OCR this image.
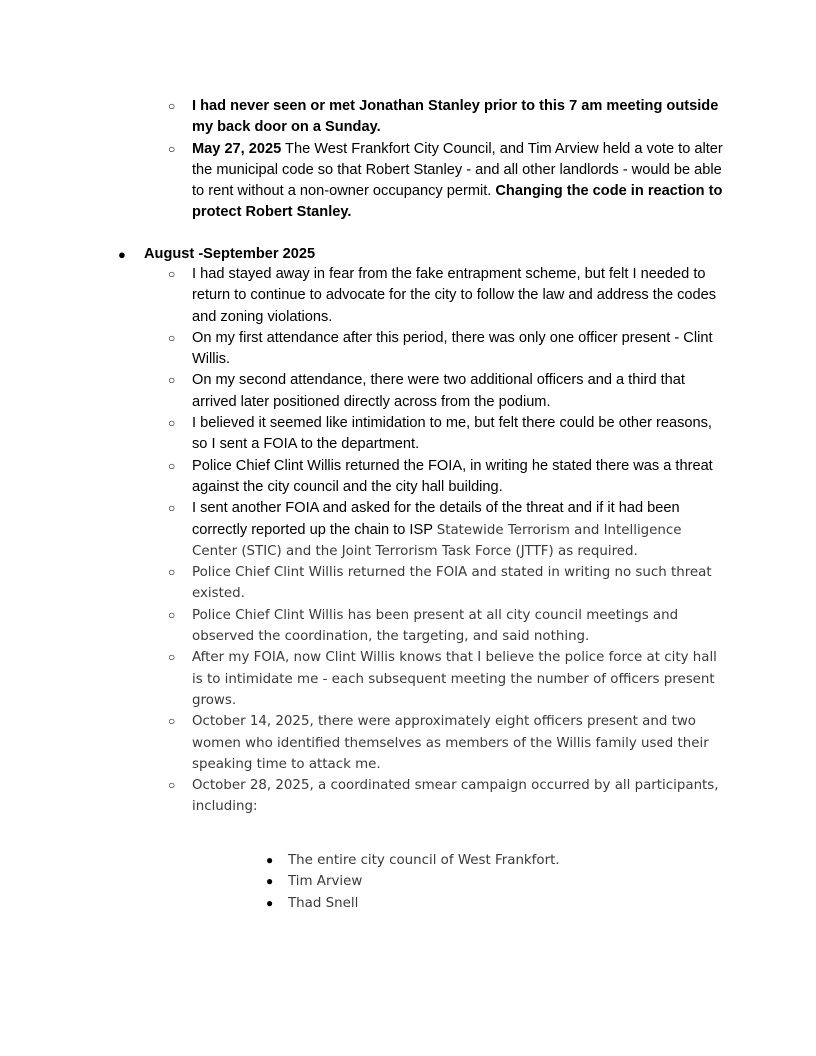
○ I had never seen or met Jonathan Stanley prior to this 7 am meeting outside my back door on a Sunday.
○ May 27, 2025 The West Frankfort City Council, and Tim Arview held a vote to alter the municipal code so that Robert Stanley - and all other landlords - would be able to rent without a non-owner occupancy permit. Changing the code in reaction to protect Robert Stanley.
● August -September 2025
○ I had stayed away in fear from the fake entrapment scheme, but felt I needed to return to continue to advocate for the city to follow the law and address the codes and zoning violations.
○ On my first attendance after this period, there was only one officer present - Clint Willis.
○ On my second attendance, there were two additional officers and a third that arrived later positioned directly across from the podium.
○ I believed it seemed like intimidation to me, but felt there could be other reasons, so I sent a FOIA to the department.
○ Police Chief Clint Willis returned the FOIA, in writing he stated there was a threat against the city council and the city hall building.
○ I sent another FOIA and asked for the details of the threat and if it had been correctly reported up the chain to ISP Statewide Terrorism and Intelligence Center (STIC) and the Joint Terrorism Task Force (JTTF) as required.
○ Police Chief Clint Willis returned the FOIA and stated in writing no such threat existed.
○ Police Chief Clint Willis has been present at all city council meetings and observed the coordination, the targeting, and said nothing.
○ After my FOIA, now Clint Willis knows that I believe the police force at city hall is to intimidate me - each subsequent meeting the number of officers present grows.
○ October 14, 2025, there were approximately eight officers present and two women who identified themselves as members of the Willis family used their speaking time to attack me.
○ October 28, 2025, a coordinated smear campaign occurred by all participants, including:
● The entire city council of West Frankfort.
● Tim Arview
● Thad Snell
